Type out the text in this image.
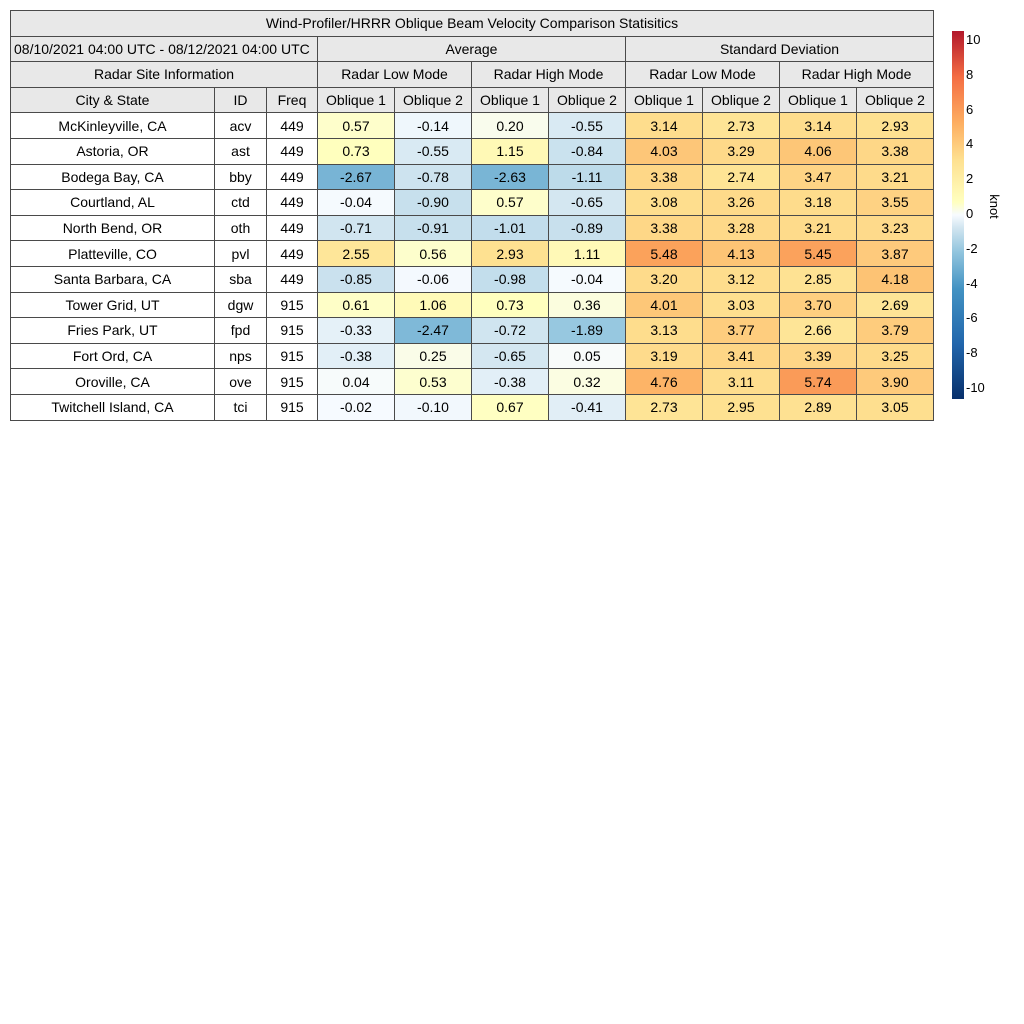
Wind-Profiler/HRRR Oblique Beam Velocity Comparison Statisitics										
08/10/2021 04:00 UTC - 08/12/2021 04:00 UTC			Average				Standard Deviation			
Radar Site Information			Radar Low Mode		Radar High Mode		Radar Low Mode		Radar High Mode	
City & State	ID	Freq	Oblique 1	Oblique 2	Oblique 1	Oblique 2	Oblique 1	Oblique 2	Oblique 1	Oblique 2
McKinleyville, CA	acv	449	0.57	-0.14	0.20	-0.55	3.14	2.73	3.14	2.93
Astoria, OR	ast	449	0.73	-0.55	1.15	-0.84	4.03	3.29	4.06	3.38
Bodega Bay, CA	bby	449	-2.67	-0.78	-2.63	-1.11	3.38	2.74	3.47	3.21
Courtland, AL	ctd	449	-0.04	-0.90	0.57	-0.65	3.08	3.26	3.18	3.55
North Bend, OR	oth	449	-0.71	-0.91	-1.01	-0.89	3.38	3.28	3.21	3.23
Platteville, CO	pvl	449	2.55	0.56	2.93	1.11	5.48	4.13	5.45	3.87
Santa Barbara, CA	sba	449	-0.85	-0.06	-0.98	-0.04	3.20	3.12	2.85	4.18
Tower Grid, UT	dgw	915	0.61	1.06	0.73	0.36	4.01	3.03	3.70	2.69
Fries Park, UT	fpd	915	-0.33	-2.47	-0.72	-1.89	3.13	3.77	2.66	3.79
Fort Ord, CA	nps	915	-0.38	0.25	-0.65	0.05	3.19	3.41	3.39	3.25
Oroville, CA	ove	915	0.04	0.53	-0.38	0.32	4.76	3.11	5.74	3.90
Twitchell Island, CA	tci	915	-0.02	-0.10	0.67	-0.41	2.73	2.95	2.89	3.05
10
8
6
4
2
0
-2
-4
-6
-8
-10
knot
